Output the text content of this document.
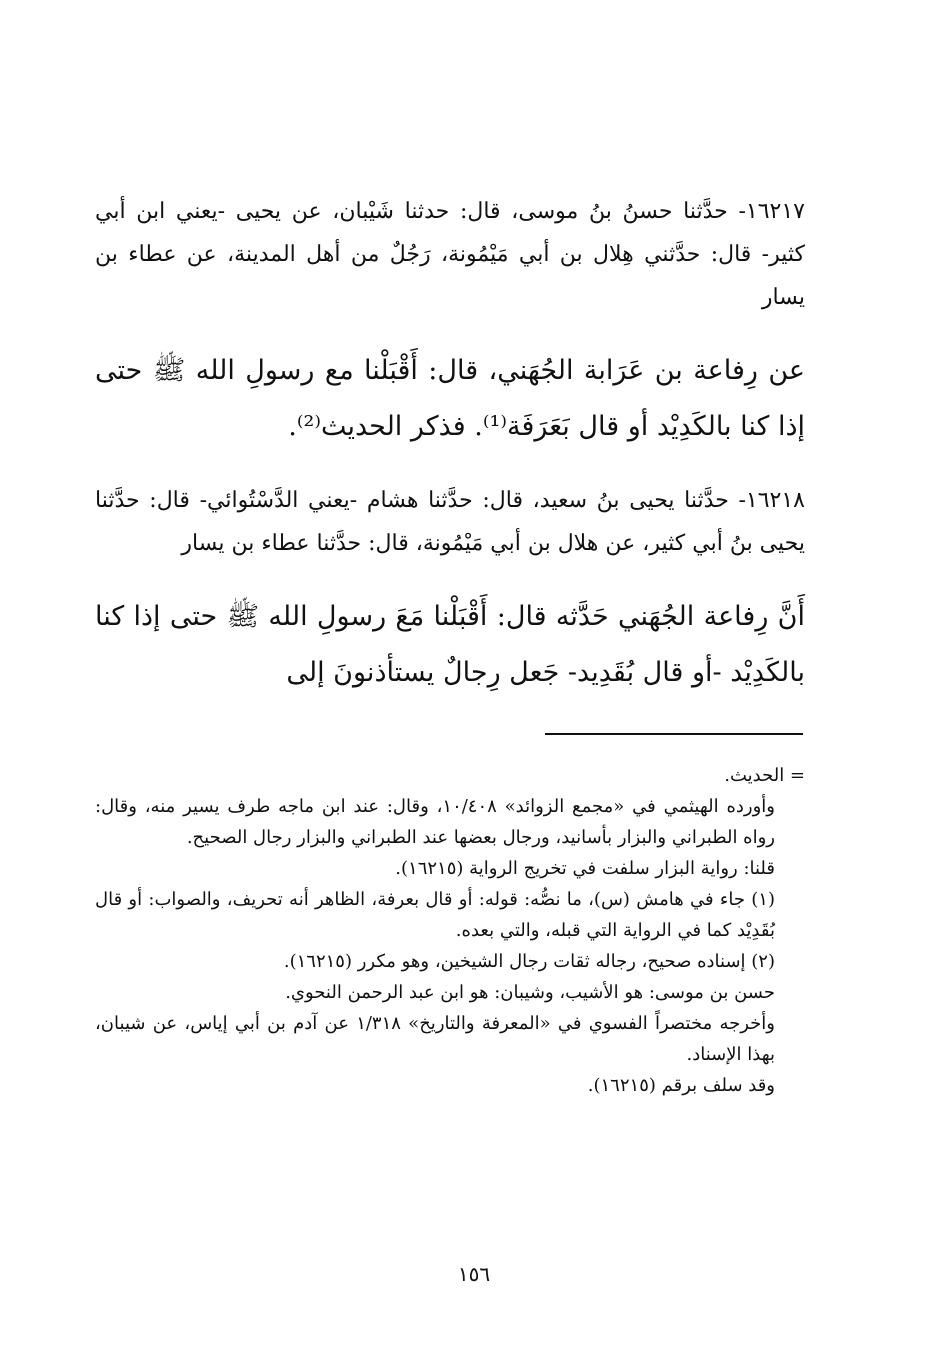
١٦٢١٧- حدَّثنا حسنُ بنُ موسى، قال: حدثنا شَيْبان، عن يحيى -يعني ابن أبي كثير- قال: حدَّثني هِلال بن أبي مَيْمُونة، رَجُلٌ من أهل المدينة، عن عطاء بن يسار

عن رِفاعة بن عَرَابة الجُهَني، قال: أَقْبَلْنا مع رسولِ الله ﷺ حتى إذا كنا بالكَدِيْد أو قال بَعَرَفَة⁽¹⁾. فذكر الحديث⁽²⁾.

١٦٢١٨- حدَّثنا يحيى بنُ سعيد، قال: حدَّثنا هشام -يعني الدَّسْتُوائي- قال: حدَّثنا يحيى بنُ أبي كثير، عن هلال بن أبي مَيْمُونة، قال: حدَّثنا عطاء بن يسار

أَنَّ رِفاعة الجُهَني حَدَّثه قال: أَقْبَلْنا مَعَ رسولِ الله ﷺ حتى إذا كنا بالكَدِيْد -أو قال بُقَدِيد- جَعل رِجالٌ يستأذنونَ إلى

= الحديث.

وأورده الهيثمي في «مجمع الزوائد» ١٠/٤٠٨، وقال: عند ابن ماجه طرف يسير منه، وقال: رواه الطبراني والبزار بأسانيد، ورجال بعضها عند الطبراني والبزار رجال الصحيح.

قلنا: رواية البزار سلفت في تخريج الرواية (١٦٢١٥).

(١) جاء في هامش (س)، ما نصُّه: قوله: أو قال بعرفة، الظاهر أنه تحريف، والصواب: أو قال بُقَدِيْد كما في الرواية التي قبله، والتي بعده.

(٢) إسناده صحيح، رجاله ثقات رجال الشيخين، وهو مكرر (١٦٢١٥).

حسن بن موسى: هو الأشيب، وشيبان: هو ابن عبد الرحمن النحوي.

وأخرجه مختصراً الفسوي في «المعرفة والتاريخ» ١/٣١٨ عن آدم بن أبي إياس، عن شيبان، بهذا الإسناد.

وقد سلف برقم (١٦٢١٥).

١٥٦
